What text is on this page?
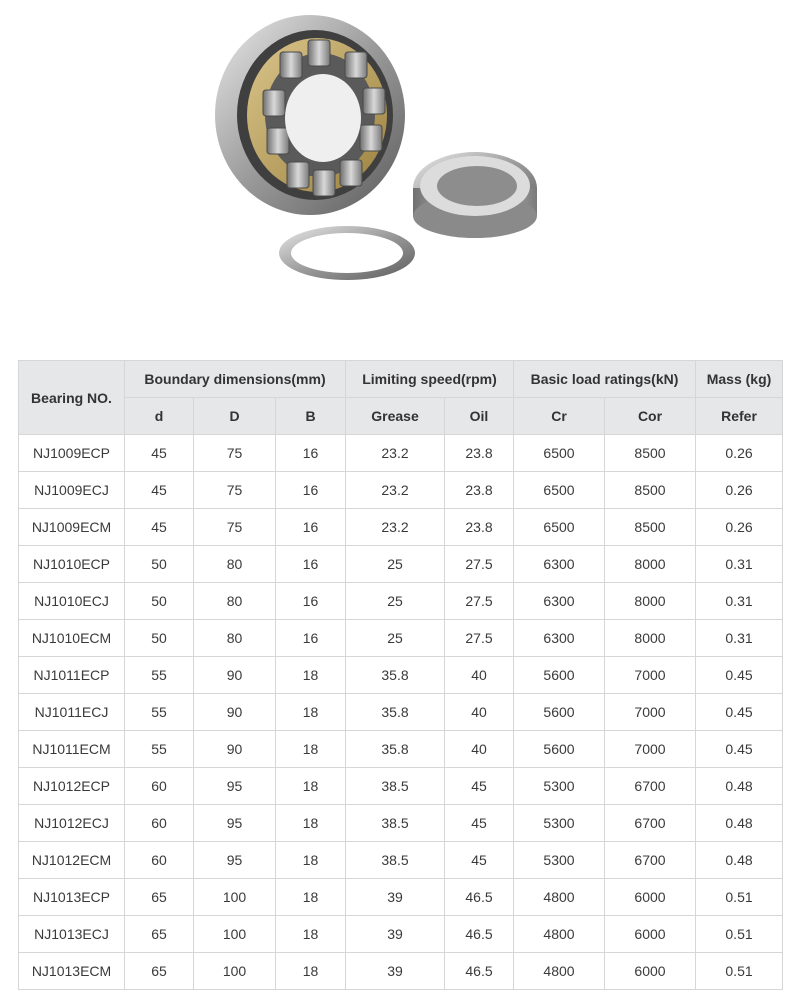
Bearing NO.	Boundary dimensions(mm)			Limiting speed(rpm)		Basic load ratings(kN)		Mass (kg)
	d	D	B	Grease	Oil	Cr	Cor	Refer
NJ1009ECP	45	75	16	23.2	23.8	6500	8500	0.26
NJ1009ECJ	45	75	16	23.2	23.8	6500	8500	0.26
NJ1009ECM	45	75	16	23.2	23.8	6500	8500	0.26
NJ1010ECP	50	80	16	25	27.5	6300	8000	0.31
NJ1010ECJ	50	80	16	25	27.5	6300	8000	0.31
NJ1010ECM	50	80	16	25	27.5	6300	8000	0.31
NJ1011ECP	55	90	18	35.8	40	5600	7000	0.45
NJ1011ECJ	55	90	18	35.8	40	5600	7000	0.45
NJ1011ECM	55	90	18	35.8	40	5600	7000	0.45
NJ1012ECP	60	95	18	38.5	45	5300	6700	0.48
NJ1012ECJ	60	95	18	38.5	45	5300	6700	0.48
NJ1012ECM	60	95	18	38.5	45	5300	6700	0.48
NJ1013ECP	65	100	18	39	46.5	4800	6000	0.51
NJ1013ECJ	65	100	18	39	46.5	4800	6000	0.51
NJ1013ECM	65	100	18	39	46.5	4800	6000	0.51
